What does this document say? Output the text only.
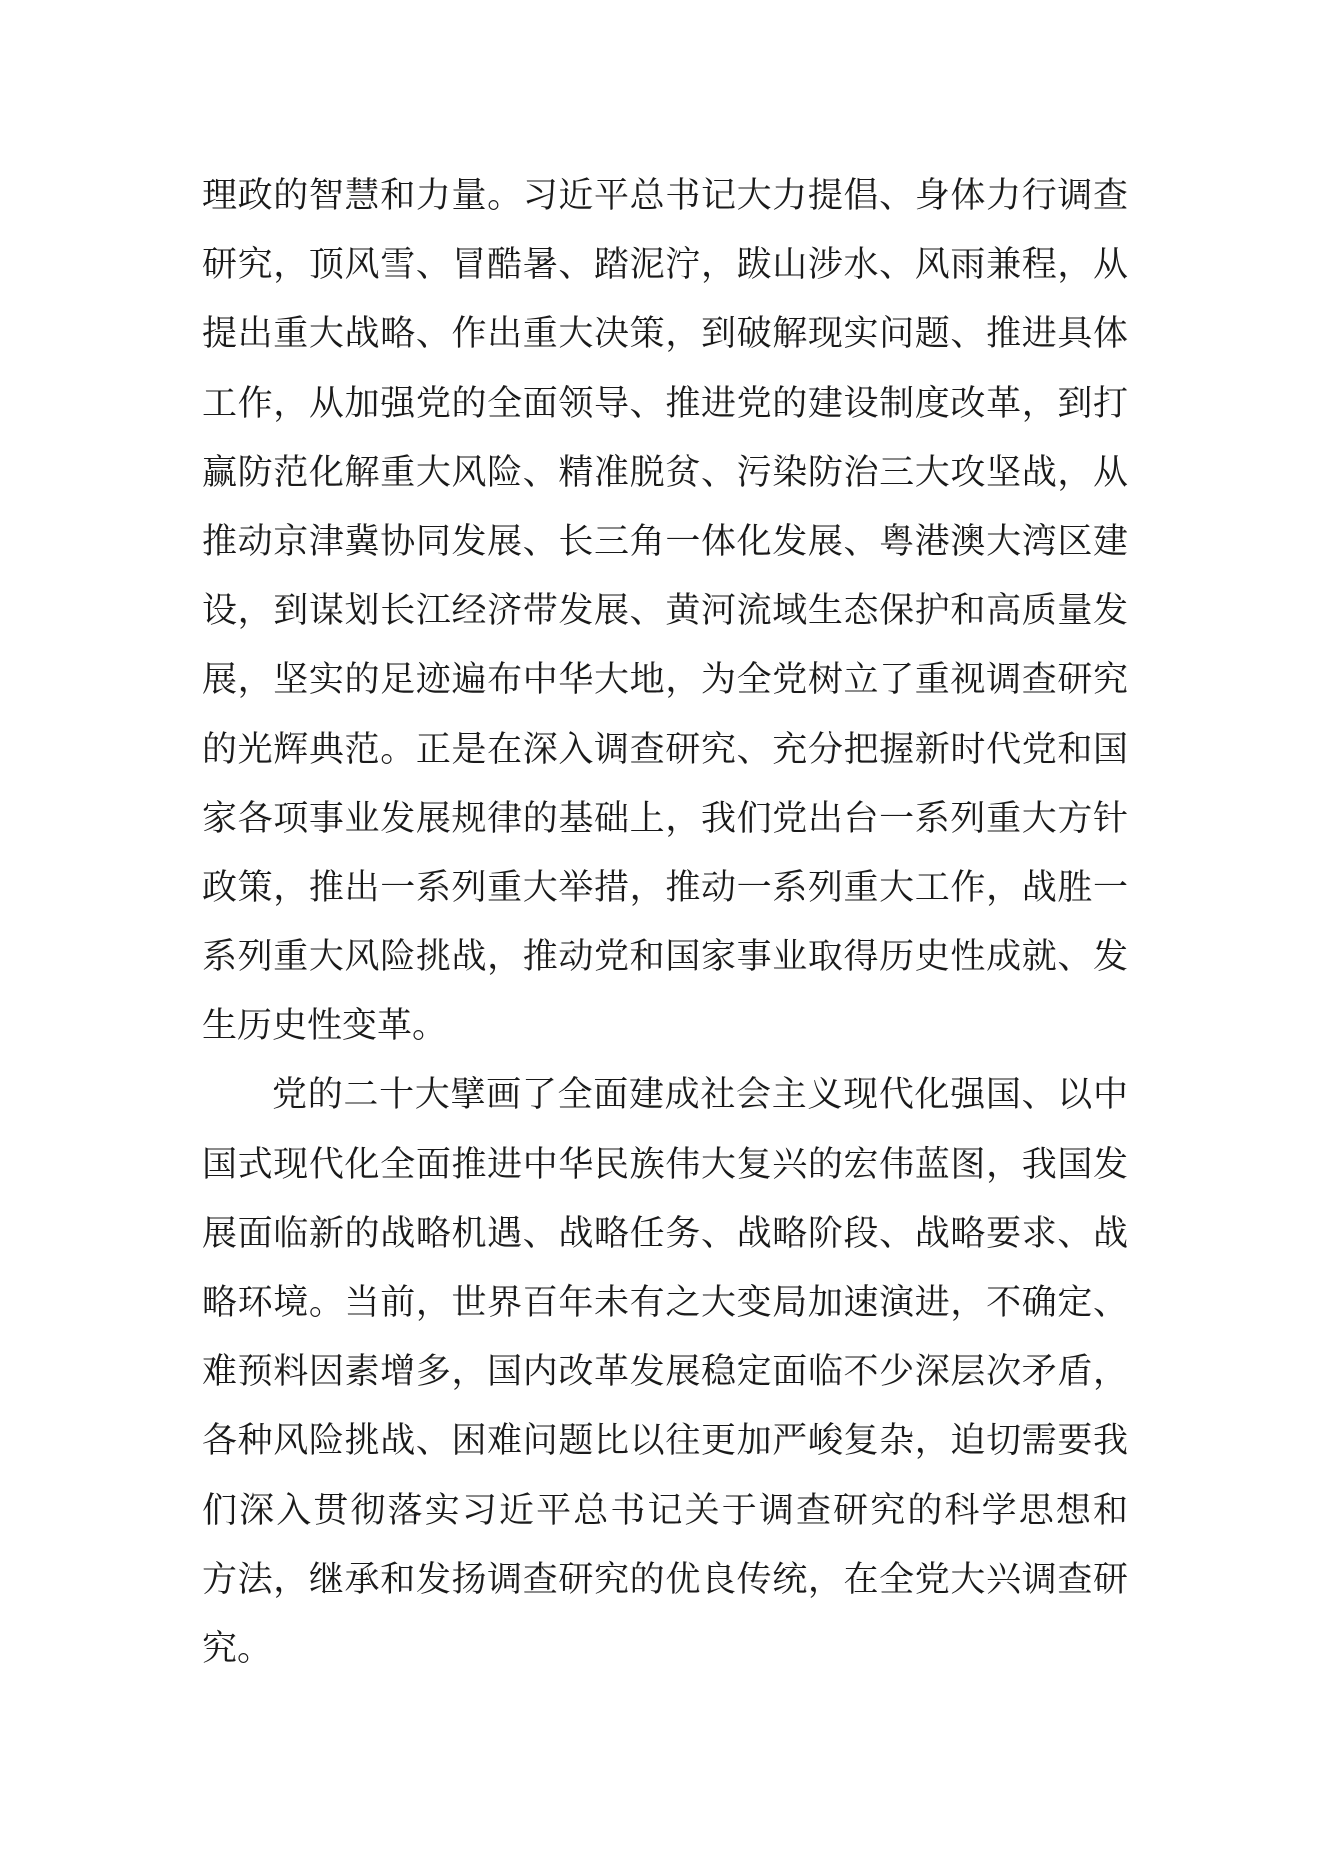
理政的智慧和力量。习近平总书记大力提倡、身体力行调查
研究，顶风雪、冒酷暑、踏泥泞，跋山涉水、风雨兼程，从
提出重大战略、作出重大决策，到破解现实问题、推进具体
工作，从加强党的全面领导、推进党的建设制度改革，到打
赢防范化解重大风险、精准脱贫、污染防治三大攻坚战，从
推动京津冀协同发展、长三角一体化发展、粤港澳大湾区建
设，到谋划长江经济带发展、黄河流域生态保护和高质量发
展，坚实的足迹遍布中华大地，为全党树立了重视调查研究
的光辉典范。正是在深入调查研究、充分把握新时代党和国
家各项事业发展规律的基础上，我们党出台一系列重大方针
政策，推出一系列重大举措，推动一系列重大工作，战胜一
系列重大风险挑战，推动党和国家事业取得历史性成就、发
生历史性变革。
党的二十大擘画了全面建成社会主义现代化强国、以中
国式现代化全面推进中华民族伟大复兴的宏伟蓝图，我国发
展面临新的战略机遇、战略任务、战略阶段、战略要求、战
略环境。当前，世界百年未有之大变局加速演进，不确定、
难预料因素增多，国内改革发展稳定面临不少深层次矛盾，
各种风险挑战、困难问题比以往更加严峻复杂，迫切需要我
们深入贯彻落实习近平总书记关于调查研究的科学思想和
方法，继承和发扬调查研究的优良传统，在全党大兴调查研
究。
